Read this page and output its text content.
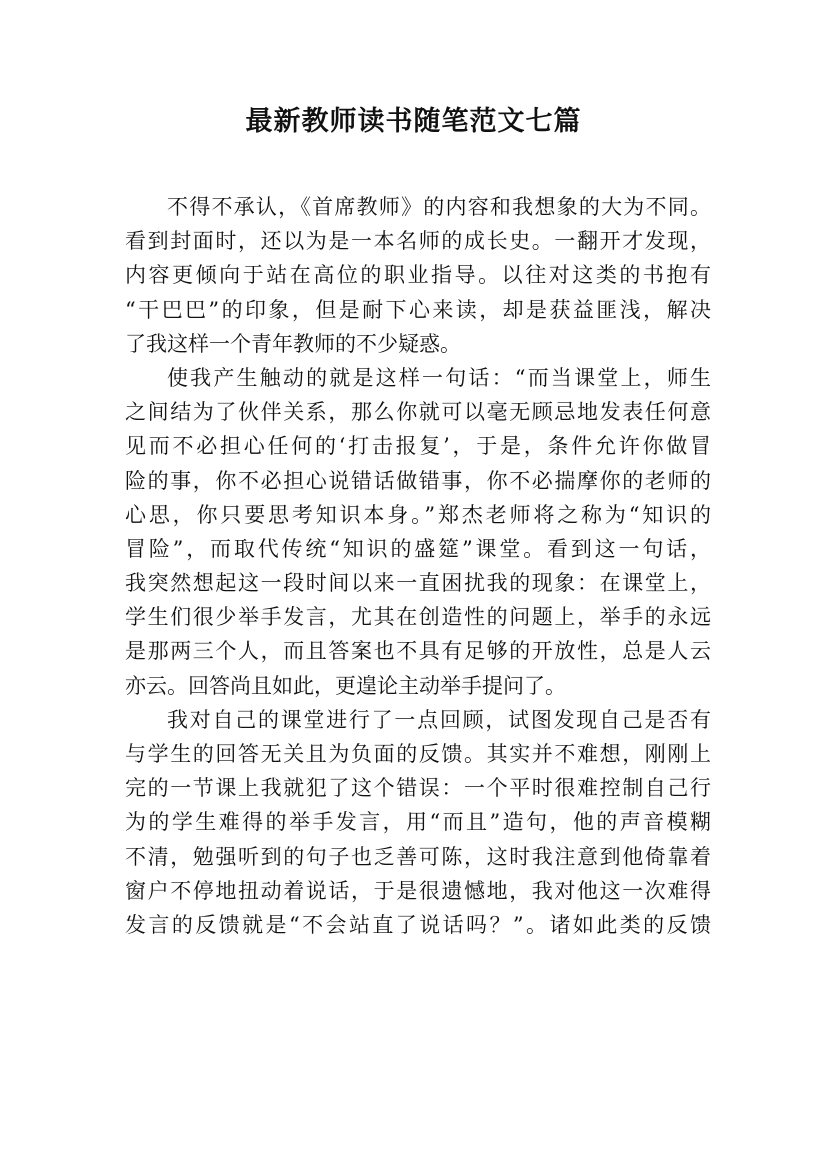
最新教师读书随笔范文七篇
不得不承认，《首席教师》的内容和我想象的大为不同。
看到封面时，还以为是一本名师的成长史。一翻开才发现，
内容更倾向于站在高位的职业指导。以往对这类的书抱有
“干巴巴”的印象，但是耐下心来读，却是获益匪浅，解决
了我这样一个青年教师的不少疑惑。
使我产生触动的就是这样一句话：“而当课堂上，师生
之间结为了伙伴关系，那么你就可以毫无顾忌地发表任何意
见而不必担心任何的‘打击报复’，于是，条件允许你做冒
险的事，你不必担心说错话做错事，你不必揣摩你的老师的
心思，你只要思考知识本身。”郑杰老师将之称为“知识的
冒险”，而取代传统“知识的盛筵”课堂。看到这一句话，
我突然想起这一段时间以来一直困扰我的现象：在课堂上，
学生们很少举手发言，尤其在创造性的问题上，举手的永远
是那两三个人，而且答案也不具有足够的开放性，总是人云
亦云。回答尚且如此，更遑论主动举手提问了。
我对自己的课堂进行了一点回顾，试图发现自己是否有
与学生的回答无关且为负面的反馈。其实并不难想，刚刚上
完的一节课上我就犯了这个错误：一个平时很难控制自己行
为的学生难得的举手发言，用“而且”造句，他的声音模糊
不清，勉强听到的句子也乏善可陈，这时我注意到他倚靠着
窗户不停地扭动着说话，于是很遗憾地，我对他这一次难得
发言的反馈就是“不会站直了说话吗？”。诸如此类的反馈
